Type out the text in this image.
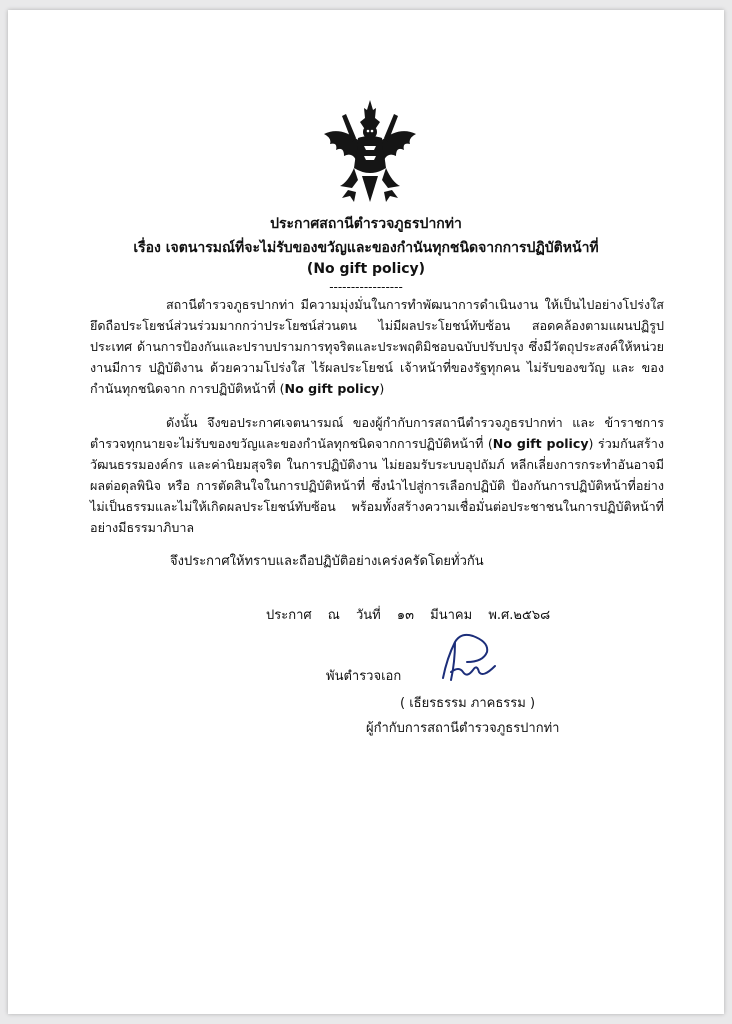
ประกาศสถานีตำรวจภูธรปากท่า
เรื่อง เจตนารมณ์ที่จะไม่รับของขวัญและของกำนันทุกชนิดจากการปฏิบัติหน้าที่
(No gift policy)
-----------------
สถานีตำรวจภูธรปากท่า มีความมุ่งมั่นในการทำพัฒนาการดำเนินงาน ให้เป็นไปอย่างโปร่งใส ยึดถือประโยชน์ส่วนร่วมมากกว่าประโยชน์ส่วนตน ไม่มีผลประโยชน์ทับซ้อน สอดคล้องตามแผนปฏิรูปประเทศ ด้านการป้องกันและปราบปรามการทุจริตและประพฤติมิชอบฉบับปรับปรุง ซึ่งมีวัตถุประสงค์ให้หน่วยงานมีการ ปฏิบัติงาน ด้วยความโปร่งใส ไร้ผลประโยชน์ เจ้าหน้าที่ของรัฐทุกคน ไม่รับของขวัญ และ ของกำนันทุกชนิดจาก การปฏิบัติหน้าที่ (No gift policy)
ดังนั้น จึงขอประกาศเจตนารมณ์ ของผู้กำกับการสถานีตำรวจภูธรปากท่า และ ข้าราชการตำรวจทุกนายจะไม่รับของขวัญและของกำนัลทุกชนิดจากการปฏิบัติหน้าที่ (No gift policy) ร่วมกันสร้างวัฒนธรรมองค์กร และค่านิยมสุจริต ในการปฏิบัติงาน ไม่ยอมรับระบบอุปถัมภ์ หลีกเลี่ยงการกระทำอันอาจมีผลต่อดุลพินิจ หรือ การตัดสินใจในการปฏิบัติหน้าที่ ซึ่งนำไปสู่การเลือกปฏิบัติ ป้องกันการปฏิบัติหน้าที่อย่างไม่เป็นธรรมและไม่ให้เกิดผลประโยชน์ทับซ้อน พร้อมทั้งสร้างความเชื่อมั่นต่อประชาชนในการปฏิบัติหน้าที่อย่างมีธรรมาภิบาล
จึงประกาศให้ทราบและถือปฏิบัติอย่างเคร่งครัดโดยทั่วกัน
ประกาศ ณ วันที่ ๑๓ มีนาคม พ.ศ.๒๕๖๘
พันตำรวจเอก
( เธียรธรรม ภาคธรรม )
ผู้กำกับการสถานีตำรวจภูธรปากท่า
